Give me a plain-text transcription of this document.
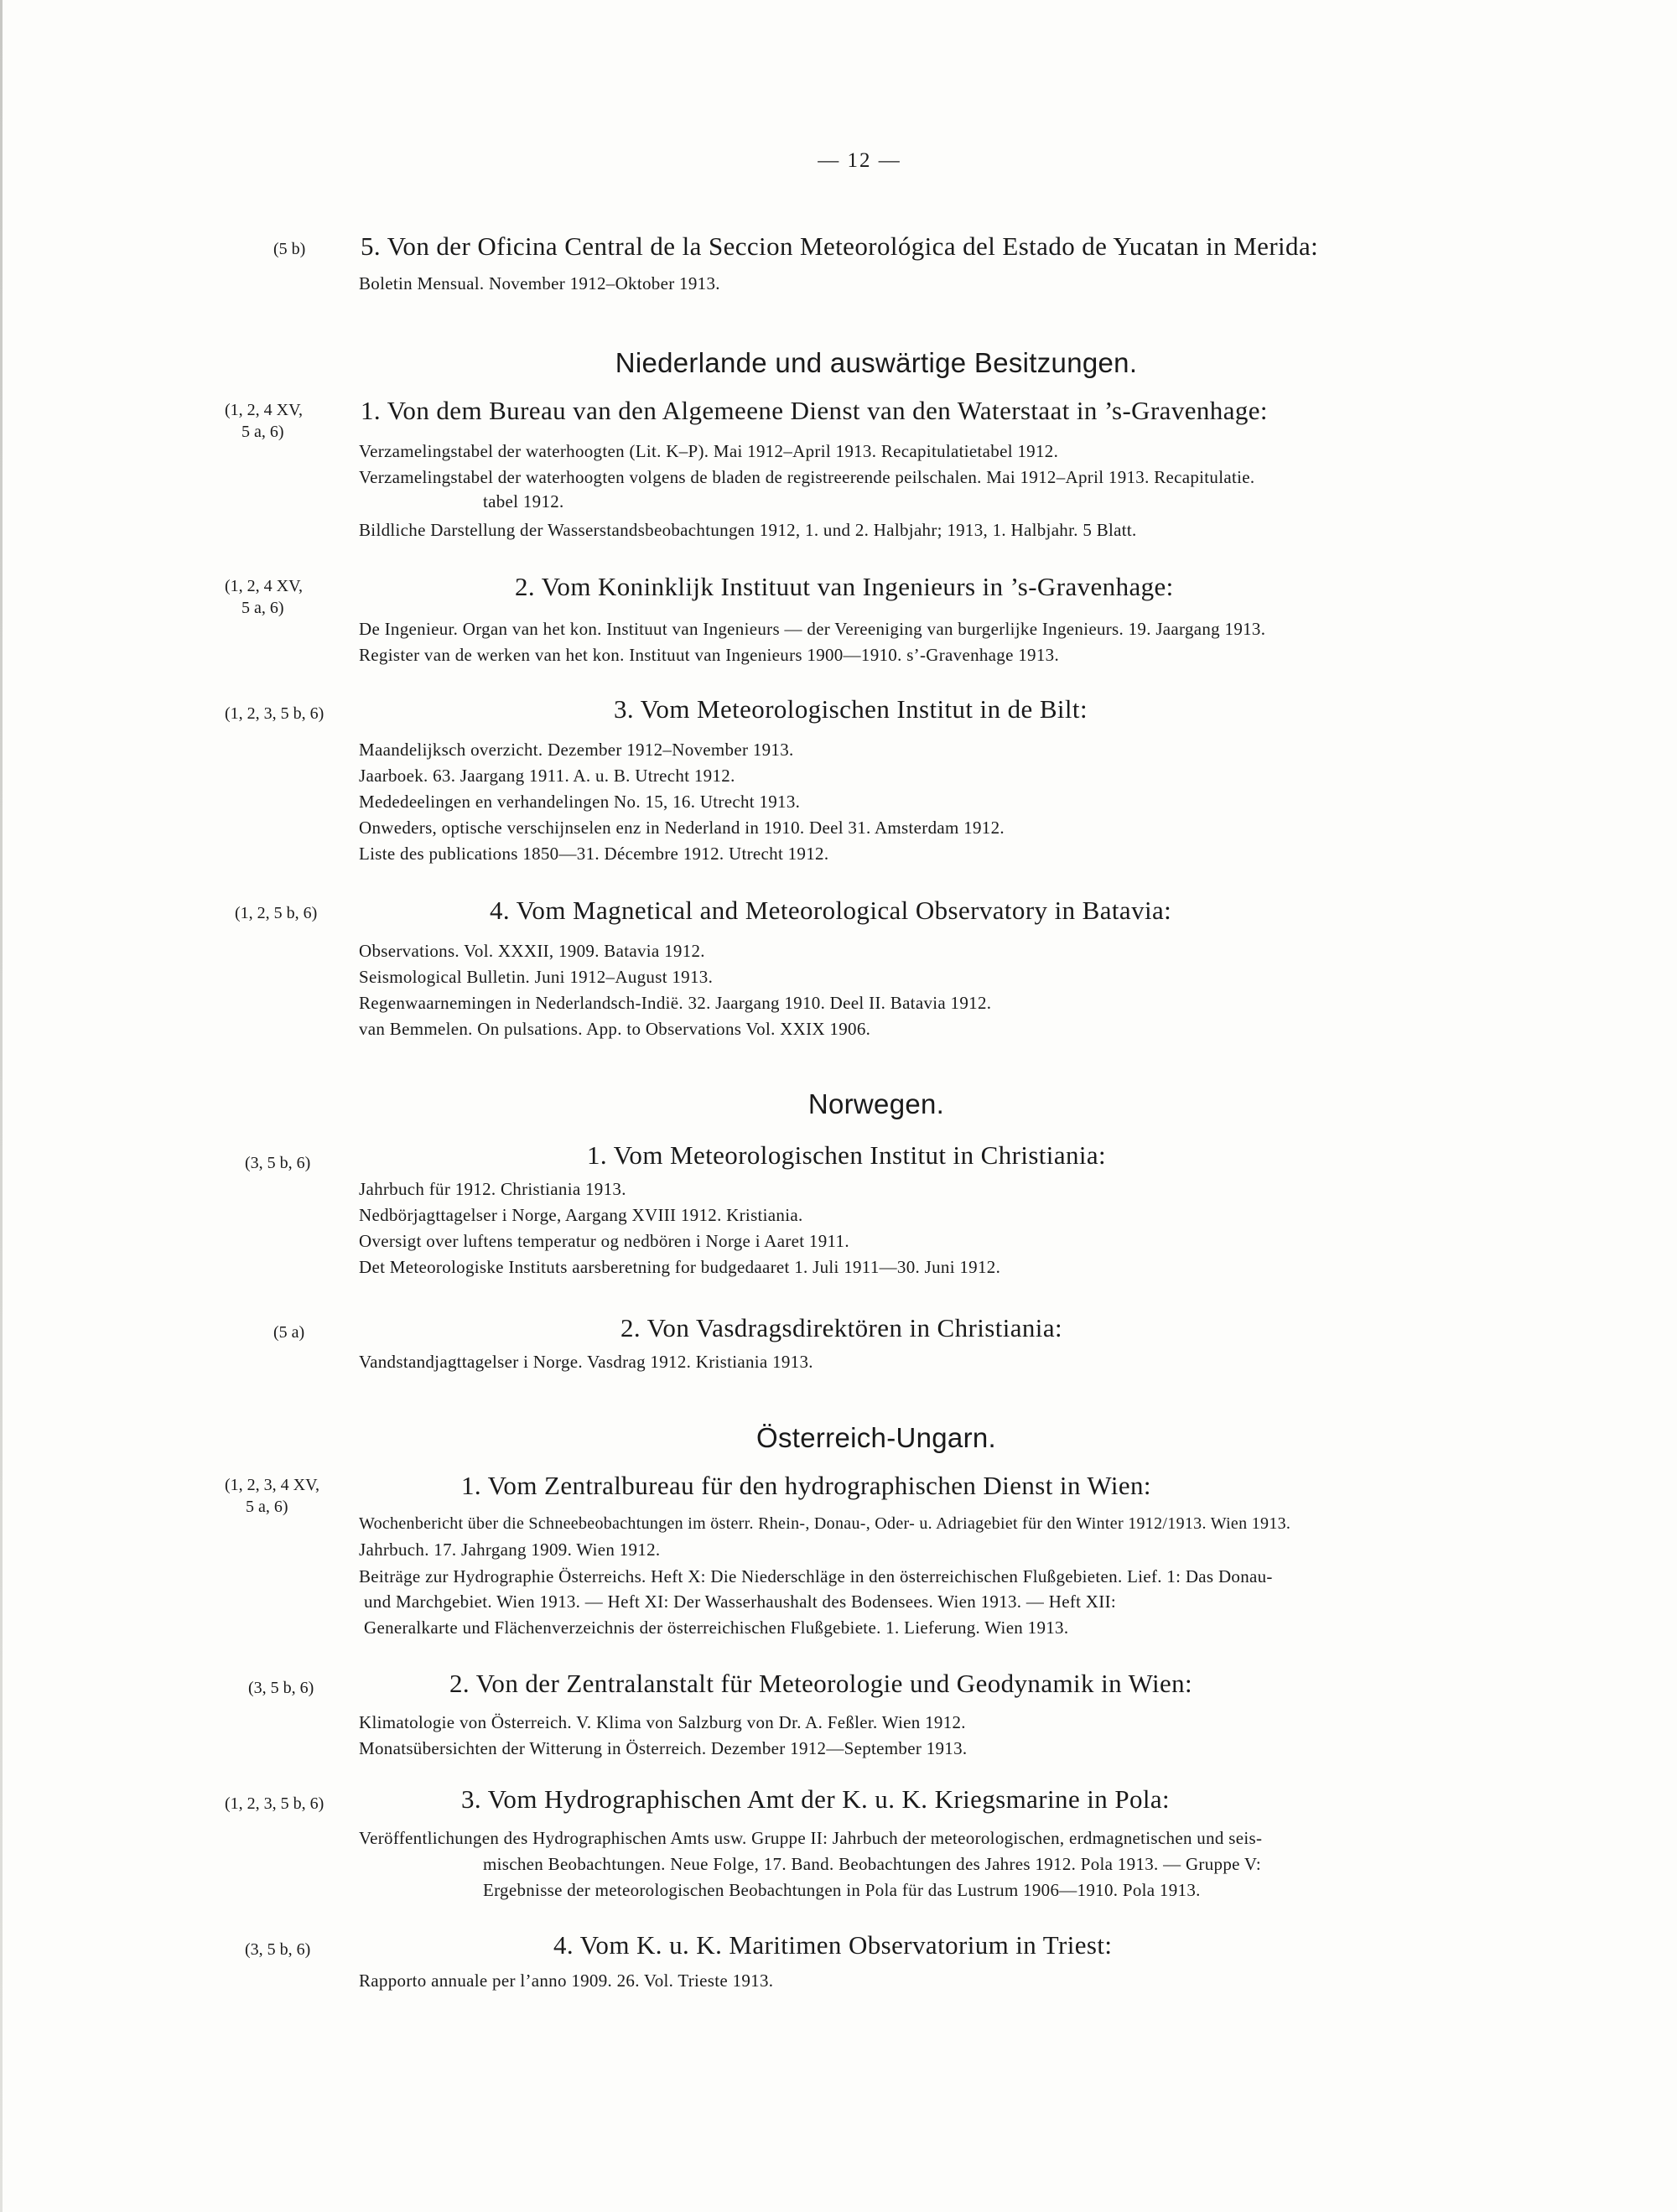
— 12 —
(5 b) 5. Von der Oficina Central de la Seccion Meteorológica del Estado de Yucatan in Merida:
Boletin Mensual. November 1912–Oktober 1913.
Niederlande und auswärtige Besitzungen.
(1, 2, 4 XV,
5 a, 6)
1. Von dem Bureau van den Algemeene Dienst van den Waterstaat in ’s-Gravenhage:
Verzamelingstabel der waterhoogten (Lit. K–P). Mai 1912–April 1913. Recapitulatietabel 1912.
Verzamelingstabel der waterhoogten volgens de bladen de registreerende peilschalen. Mai 1912–April 1913. Recapitulatie.
tabel 1912.
Bildliche Darstellung der Wasserstandsbeobachtungen 1912, 1. und 2. Halbjahr; 1913, 1. Halbjahr. 5 Blatt.
(1, 2, 4 XV,
5 a, 6)
2. Vom Koninklijk Instituut van Ingenieurs in ’s-Gravenhage:
De Ingenieur. Organ van het kon. Instituut van Ingenieurs — der Vereeniging van burgerlijke Ingenieurs. 19. Jaargang 1913.
Register van de werken van het kon. Instituut van Ingenieurs 1900—1910. s’-Gravenhage 1913.
(1, 2, 3, 5 b, 6)	3. Vom Meteorologischen Institut in de Bilt:
Maandelijksch overzicht. Dezember 1912–November 1913.
Jaarboek. 63. Jaargang 1911. A. u. B. Utrecht 1912.
Mededeelingen en verhandelingen No. 15, 16. Utrecht 1913.
Onweders, optische verschijnselen enz in Nederland in 1910. Deel 31. Amsterdam 1912.
Liste des publications 1850—31. Décembre 1912. Utrecht 1912.
(1, 2, 5 b, 6)	4. Vom Magnetical and Meteorological Observatory in Batavia:
Observations. Vol. XXXII, 1909. Batavia 1912.
Seismological Bulletin. Juni 1912–August 1913.
Regenwaarnemingen in Nederlandsch-Indië. 32. Jaargang 1910. Deel II. Batavia 1912.
van Bemmelen. On pulsations. App. to Observations Vol. XXIX 1906.
Norwegen.
(3, 5 b, 6)	1. Vom Meteorologischen Institut in Christiania:
Jahrbuch für 1912. Christiania 1913.
Nedbörjagttagelser i Norge, Aargang XVIII 1912. Kristiania.
Oversigt over luftens temperatur og nedbören i Norge i Aaret 1911.
Det Meteorologiske Instituts aarsberetning for budgedaaret 1. Juli 1911—30. Juni 1912.
(5 a)	2. Von Vasdragsdirektören in Christiania:
Vandstandjagttagelser i Norge. Vasdrag 1912. Kristiania 1913.
Österreich-Ungarn.
(1, 2, 3, 4 XV,
5 a, 6)
1. Vom Zentralbureau für den hydrographischen Dienst in Wien:
Wochenbericht über die Schneebeobachtungen im österr. Rhein-, Donau-, Oder- u. Adriagebiet für den Winter 1912/1913. Wien 1913.
Jahrbuch. 17. Jahrgang 1909. Wien 1912.
Beiträge zur Hydrographie Österreichs. Heft X: Die Niederschläge in den österreichischen Flußgebieten. Lief. 1: Das Donau-
und Marchgebiet. Wien 1913. — Heft XI: Der Wasserhaushalt des Bodensees. Wien 1913. — Heft XII:
Generalkarte und Flächenverzeichnis der österreichischen Flußgebiete. 1. Lieferung. Wien 1913.
(3, 5 b, 6)	2. Von der Zentralanstalt für Meteorologie und Geodynamik in Wien:
Klimatologie von Österreich. V. Klima von Salzburg von Dr. A. Feßler. Wien 1912.
Monatsübersichten der Witterung in Österreich. Dezember 1912—September 1913.
(1, 2, 3, 5 b, 6)	3. Vom Hydrographischen Amt der K. u. K. Kriegsmarine in Pola:
Veröffentlichungen des Hydrographischen Amts usw. Gruppe II: Jahrbuch der meteorologischen, erdmagnetischen und seis-
mischen Beobachtungen. Neue Folge, 17. Band. Beobachtungen des Jahres 1912. Pola 1913. — Gruppe V:
Ergebnisse der meteorologischen Beobachtungen in Pola für das Lustrum 1906—1910. Pola 1913.
(3, 5 b, 6)	4. Vom K. u. K. Maritimen Observatorium in Triest:
Rapporto annuale per l’anno 1909. 26. Vol. Trieste 1913.
